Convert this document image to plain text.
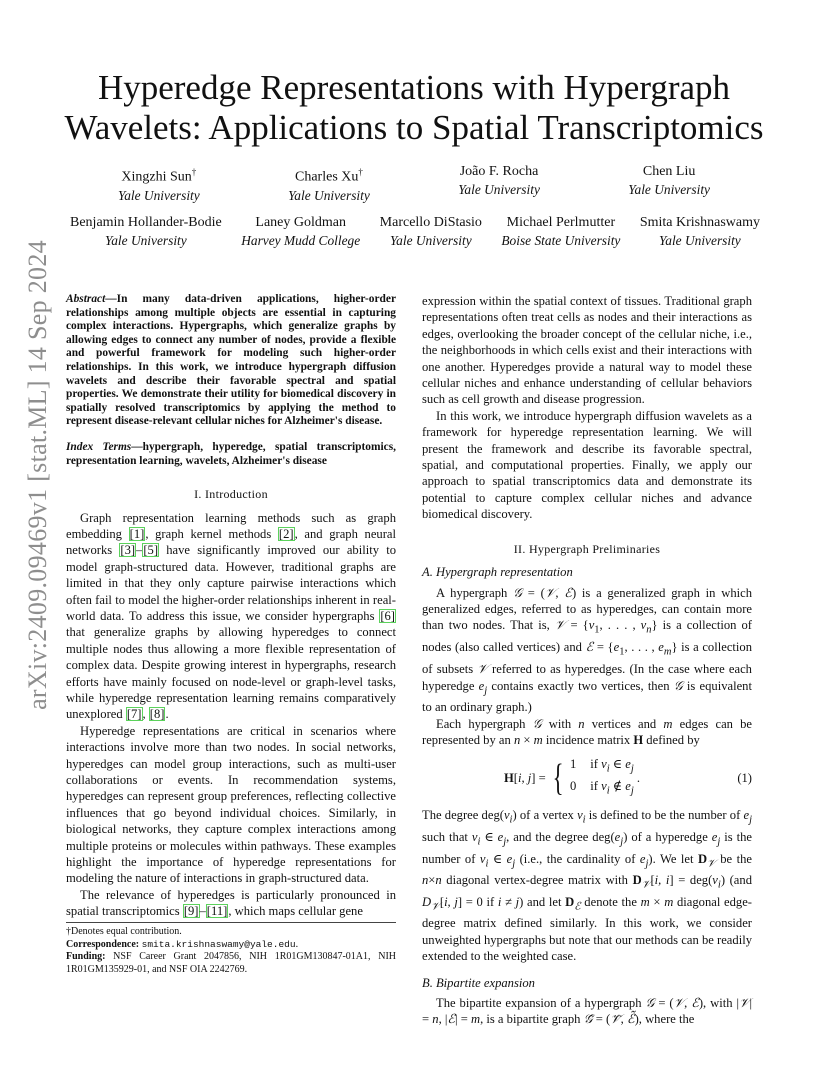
arXiv:2409.09469v1 [stat.ML] 14 Sep 2024
Hyperedge Representations with Hypergraph Wavelets: Applications to Spatial Transcriptomics
Xingzhi Sun†
Yale University
Charles Xu†
Yale University
João F. Rocha
Yale University
Chen Liu
Yale University
Benjamin Hollander-Bodie
Yale University
Laney Goldman
Harvey Mudd College
Marcello DiStasio
Yale University
Michael Perlmutter
Boise State University
Smita Krishnaswamy
Yale University

Abstract—In many data-driven applications, higher-order relationships among multiple objects are essential in capturing complex interactions. Hypergraphs, which generalize graphs by allowing edges to connect any number of nodes, provide a flexible and powerful framework for modeling such higher-order relationships. In this work, we introduce hypergraph diffusion wavelets and describe their favorable spectral and spatial properties. We demonstrate their utility for biomedical discovery in spatially resolved transcriptomics by applying the method to represent disease-relevant cellular niches for Alzheimer's disease.

Index Terms—hypergraph, hyperedge, spatial transcriptomics, representation learning, wavelets, Alzheimer's disease

I. Introduction

Graph representation learning methods such as graph embedding [1], graph kernel methods [2], and graph neural networks [3]–[5] have significantly improved our ability to model graph-structured data. However, traditional graphs are limited in that they only capture pairwise interactions which often fail to model the higher-order relationships inherent in real-world data. To address this issue, we consider hypergraphs [6] that generalize graphs by allowing hyperedges to connect multiple nodes thus allowing a more flexible representation of complex data. Despite growing interest in hypergraphs, research efforts have mainly focused on node-level or graph-level tasks, while hyperedge representation learning remains comparatively unexplored [7], [8].

Hyperedge representations are critical in scenarios where interactions involve more than two nodes. In social networks, hyperedges can model group interactions, such as multi-user collaborations or events. In recommendation systems, hyperedges can represent group preferences, reflecting collective influences that go beyond individual choices. Similarly, in biological networks, they capture complex interactions among multiple proteins or molecules within pathways. These examples highlight the importance of hyperedge representations for modeling the nature of interactions in graph-structured data.

The relevance of hyperedges is particularly pronounced in spatial transcriptomics [9]–[11], which maps cellular gene

expression within the spatial context of tissues. Traditional graph representations often treat cells as nodes and their interactions as edges, overlooking the broader concept of the cellular niche, i.e., the neighborhoods in which cells exist and their interactions with one another. Hyperedges provide a natural way to model these cellular niches and enhance understanding of cellular behaviors such as cell growth and disease progression.

In this work, we introduce hypergraph diffusion wavelets as a framework for hyperedge representation learning. We will present the framework and describe its favorable spectral, spatial, and computational properties. Finally, we apply our approach to spatial transcriptomics data and demonstrate its potential to capture complex cellular niches and advance biomedical discovery.

II. Hypergraph Preliminaries

A. Hypergraph representation

A hypergraph 𝒢 = (𝒱, ℰ) is a generalized graph in which generalized edges, referred to as hyperedges, can contain more than two nodes. That is, 𝒱 = {$v_1$, . . . , $v_n$} is a collection of nodes (also called vertices) and ℰ = {$e_1$, . . . , $e_m$} is a collection of subsets 𝒱 referred to as hyperedges. (In the case where each hyperedge $e_j$ contains exactly two vertices, then 𝒢 is equivalent to an ordinary graph.)

Each hypergraph 𝒢 with n vertices and m edges can be represented by an n × m incidence matrix H defined by

H[i, j] = { 1 if $v_i$ ∈ $e_j$
0 if $v_i$ ∉ $e_j$
.	(1)

The degree $deg(v_i)$ of a vertex $v_i$ is defined to be the number of $e_j$ such that $v_i$ ∈ $e_j$, and the degree $deg(e_j)$ of a hyperedge $e_j$ is the number of $v_i$ ∈ $e_j$ (i.e., the cardinality of $e_j$). We let $D_𝒱$ be the n×n diagonal vertex-degree matrix with $D_𝒱[i$, $i] = deg(v_i)$ (and $D_𝒱[i$, j] = 0 if i ≠ j) and let $D_ℰ$ denote the m × m diagonal edge-degree matrix defined similarly. In this work, we consider unweighted hypergraphs but note that our methods can be readily extended to the weighted case.

B. Bipartite expansion

The bipartite expansion of a hypergraph 𝒢 = (𝒱, ℰ), with |𝒱| = n, |ℰ| = m, is a bipartite graph 𝒢̃ = (𝒱̃, ℰ̃), where the

†Denotes equal contribution.

Correspondence: smita.krishnaswamy@yale.edu.

Funding: NSF Career Grant 2047856, NIH 1R01GM130847-01A1, NIH 1R01GM135929-01, and NSF OIA 2242769.
